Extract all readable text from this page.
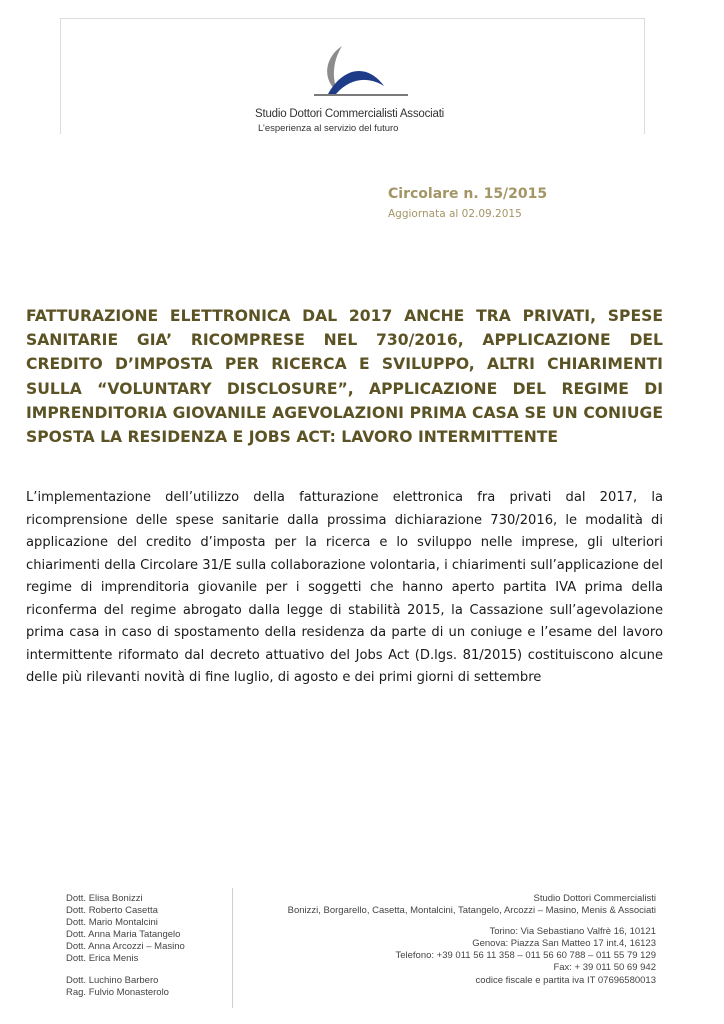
Studio Dottori Commercialisti Associati
L’esperienza al servizio del futuro
Circolare n. 15/2015
Aggiornata al 02.09.2015
FATTURAZIONE ELETTRONICA DAL 2017 ANCHE TRA PRIVATI, SPESE SANITARIE GIA’ RICOMPRESE NEL 730/2016, APPLICAZIONE DEL CREDITO D’IMPOSTA PER RICERCA E SVILUPPO, ALTRI CHIARIMENTI SULLA “VOLUNTARY DISCLOSURE”, APPLICAZIONE DEL REGIME DI IMPRENDITORIA GIOVANILE AGEVOLAZIONI PRIMA CASA SE UN CONIUGE SPOSTA LA RESIDENZA E JOBS ACT: LAVORO INTERMITTENTE

L’implementazione dell’utilizzo della fatturazione elettronica fra privati dal 2017, la ricomprensione delle spese sanitarie dalla prossima dichiarazione 730/2016, le modalità di applicazione del credito d’imposta per la ricerca e lo sviluppo nelle imprese, gli ulteriori chiarimenti della Circolare 31/E sulla collaborazione volontaria, i chiarimenti sull’applicazione del regime di imprenditoria giovanile per i soggetti che hanno aperto partita IVA prima della riconferma del regime abrogato dalla legge di stabilità 2015, la Cassazione sull’agevolazione prima casa in caso di spostamento della residenza da parte di un coniuge e l’esame del lavoro intermittente riformato dal decreto attuativo del Jobs Act (D.lgs. 81/2015) costituiscono alcune delle più rilevanti novità di fine luglio, di agosto e dei primi giorni di settembre

Dott. Elisa Bonizzi
Dott. Roberto Casetta
Dott. Mario Montalcini
Dott. Anna Maria Tatangelo
Dott. Anna Arcozzi – Masino
Dott. Erica Menis
Dott. Luchino Barbero
Rag. Fulvio Monasterolo
Studio Dottori Commercialisti
Bonizzi, Borgarello, Casetta, Montalcini, Tatangelo, Arcozzi – Masino, Menis & Associati
Torino: Via Sebastiano Valfrè 16, 10121
Genova: Piazza San Matteo 17 int.4, 16123
Telefono: +39 011 56 11 358 – 011 56 60 788 – 011 55 79 129
Fax: + 39 011 50 69 942
codice fiscale e partita iva IT 07696580013
